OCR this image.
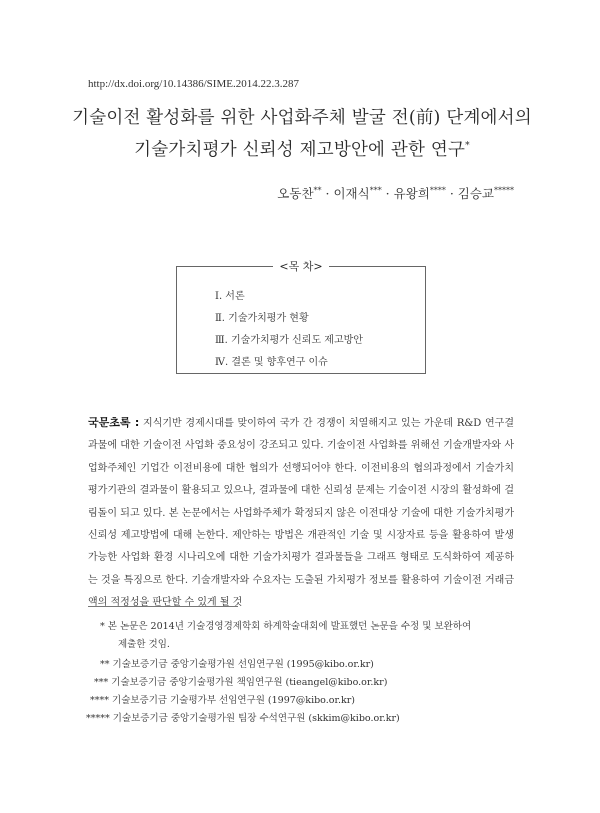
http://dx.doi.org/10.14386/SIME.2014.22.3.287
기술이전 활성화를 위한 사업화주체 발굴 전(前) 단계에서의
기술가치평가 신뢰성 제고방안에 관한 연구*
오동찬** · 이재식*** · 유왕희**** · 김승교*****
<목 차>
Ⅰ. 서론
Ⅱ. 기술가치평가 현황
Ⅲ. 기술가치평가 신뢰도 제고방안
Ⅳ. 결론 및 향후연구 이슈
국문초록 : 지식기반 경제시대를 맞이하여 국가 간 경쟁이 치열해지고 있는 가운데 R&D 연구결과물에 대한 기술이전 사업화 중요성이 강조되고 있다. 기술이전 사업화를 위해선 기술개발자와 사업화주체인 기업간 이전비용에 대한 협의가 선행되어야 한다. 이전비용의 협의과정에서 기술가치 평가기관의 결과물이 활용되고 있으나, 결과물에 대한 신뢰성 문제는 기술이전 시장의 활성화에 걸림돌이 되고 있다. 본 논문에서는 사업화주체가 확정되지 않은 이전대상 기술에 대한 기술가치평가 신뢰성 제고방법에 대해 논한다. 제안하는 방법은 개관적인 기술 및 시장자료 등을 활용하여 발생 가능한 사업화 환경 시나리오에 대한 기술가치평가 결과물들을 그래프 형태로 도식화하여 제공하는 것을 특징으로 한다. 기술개발자와 수요자는 도출된 가치평가 정보를 활용하여 기술이전 거래금액의 적정성을 판단할 수 있게 될 것
* 본 논문은 2014년 기술경영경제학회 하계학술대회에 발표했던 논문을 수정 및 보완하여
제출한 것임.
** 기술보증기금 중앙기술평가원 선임연구원 (1995@kibo.or.kr)
*** 기술보증기금 중앙기술평가원 책임연구원 (tieangel@kibo.or.kr)
**** 기술보증기금 기술평가부 선임연구원 (1997@kibo.or.kr)
***** 기술보증기금 중앙기술평가원 팀장 수석연구원 (skkim@kibo.or.kr)
